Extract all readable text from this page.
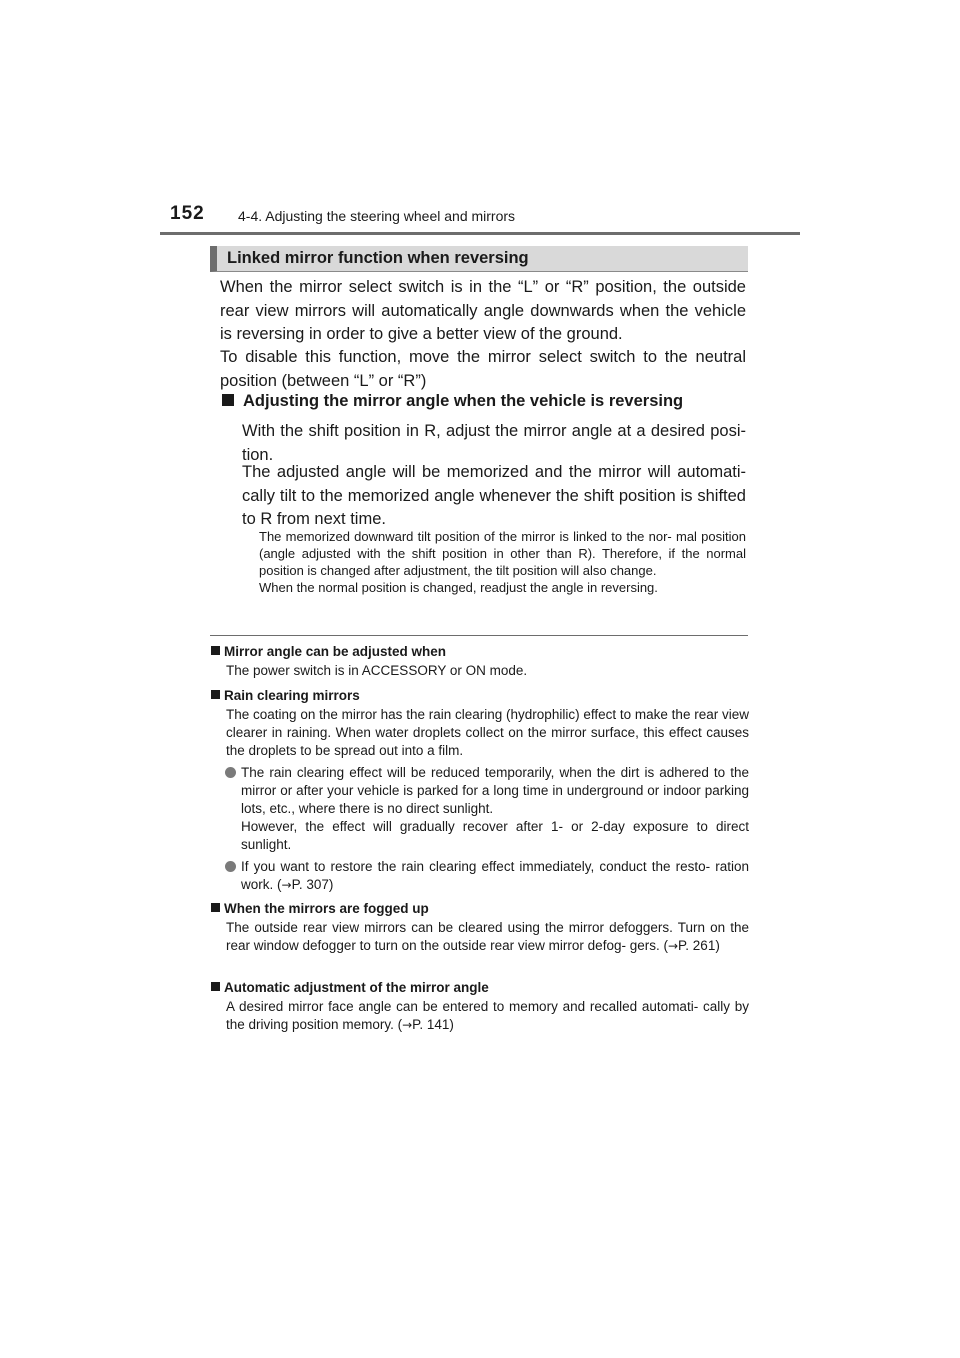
152 4-4. Adjusting the steering wheel and mirrors
Linked mirror function when reversing

When the mirror select switch is in the “L” or “R” position, the outside rear view mirrors will automatically angle downwards when the vehicle is reversing in order to give a better view of the ground.

To disable this function, move the mirror select switch to the neutral position (between “L” or “R”)

Adjusting the mirror angle when the vehicle is reversing

With the shift position in R, adjust the mirror angle at a desired posi- tion.

The adjusted angle will be memorized and the mirror will automati- cally tilt to the memorized angle whenever the shift position is shifted to R from next time.

The memorized downward tilt position of the mirror is linked to the nor- mal position (angle adjusted with the shift position in other than R). Therefore, if the normal position is changed after adjustment, the tilt position will also change.
When the normal position is changed, readjust the angle in reversing.

Mirror angle can be adjusted when

The power switch is in ACCESSORY or ON mode.

Rain clearing mirrors

The coating on the mirror has the rain clearing (hydrophilic) effect to make the rear view clearer in raining. When water droplets collect on the mirror surface, this effect causes the droplets to be spread out into a film.

The rain clearing effect will be reduced temporarily, when the dirt is adhered to the mirror or after your vehicle is parked for a long time in underground or indoor parking lots, etc., where there is no direct sunlight.
However, the effect will gradually recover after 1- or 2-day exposure to direct sunlight.
If you want to restore the rain clearing effect immediately, conduct the resto- ration work. (→P. 307)
When the mirrors are fogged up

The outside rear view mirrors can be cleared using the mirror defoggers. Turn on the rear window defogger to turn on the outside rear view mirror defog- gers. (→P. 261)

Automatic adjustment of the mirror angle

A desired mirror face angle can be entered to memory and recalled automati- cally by the driving position memory. (→P. 141)
